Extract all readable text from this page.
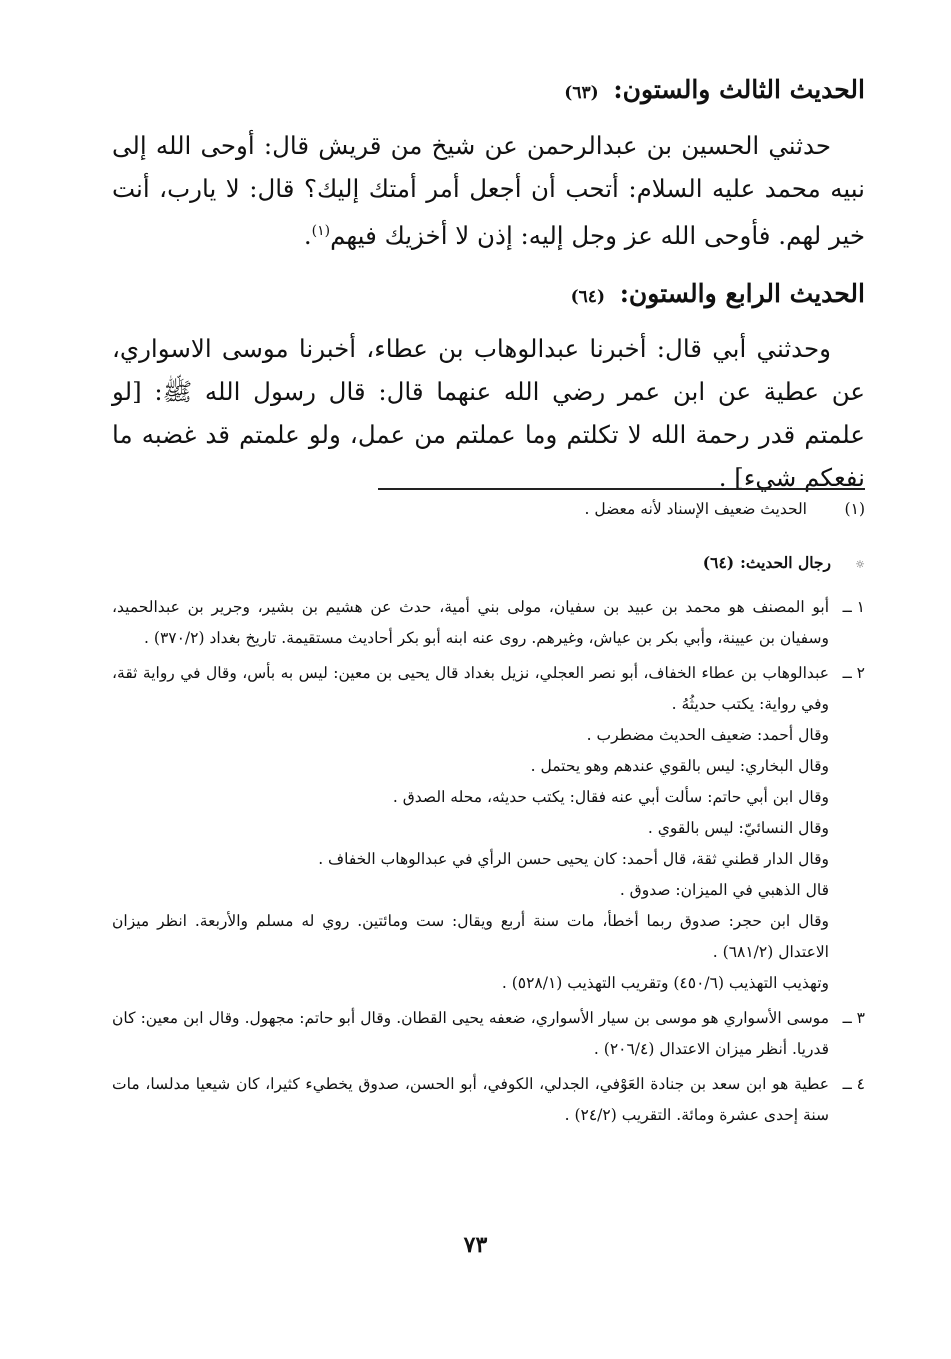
الحديث الثالث والستون: (٦٣)
حدثني الحسين بن عبدالرحمن عن شيخ من قريش قال: أوحى الله إلى نبيه محمد عليه السلام: أتحب أن أجعل أمر أمتك إليك؟ قال: لا يارب، أنت خير لهم. فأوحى الله عز وجل إليه: إذن لا أخزيك فيهم$^{(١)}$.
الحديث الرابع والستون: (٦٤)
وحدثني أبي قال: أخبرنا عبدالوهاب بن عطاء، أخبرنا موسى الاسواري، عن عطية عن ابن عمر رضي الله عنهما قال: قال رسول الله ﷺ: [لو علمتم قدر رحمة الله لا تكلتم وما عملتم من عمل، ولو علمتم قد غضبه ما نفعكم شيء] .
(١)
الحديث ضعيف الإسناد لأنه معضل .
☼
رجال الحديث:
(٦٤)
١ ــ

أبو المصنف هو محمد بن عبيد بن سفيان، مولى بني أمية، حدث عن هشيم بن بشير، وجرير بن عبدالحميد، وسفيان بن عيينة، وأبي بكر بن عياش، وغيرهم. روى عنه ابنه أبو بكر أحاديث مستقيمة. تاريخ بغداد (٣٧٠/٢) .

٢ ــ

عبدالوهاب بن عطاء الخفاف، أبو نصر العجلي، نزيل بغداد قال يحيى بن معين: ليس به بأس، وقال في رواية ثقة، وفي رواية: يكتب حديثُهُ .

وقال أحمد: ضعيف الحديث مضطرب .

وقال البخاري: ليس بالقوي عندهم وهو يحتمل .

وقال ابن أبي حاتم: سألت أبي عنه فقال: يكتب حديثه، محله الصدق .

وقال النسائيّ: ليس بالقوي .

وقال الدار قطني ثقة، قال أحمد: كان يحيى حسن الرأي في عبدالوهاب الخفاف .

قال الذهبي في الميزان: صدوق .

وقال ابن حجر: صدوق ربما أخطأ، مات سنة أربع ويقال: ست ومائتين. روي له مسلم والأربعة. انظر ميزان الاعتدال (٦٨١/٢) .

وتهذيب التهذيب (٤٥٠/٦) وتقريب التهذيب (٥٢٨/١) .

٣ ــ

موسى الأسواري هو موسى بن سيار الأسواري، ضعفه يحيى القطان. وقال أبو حاتم: مجهول. وقال ابن معين: كان قدريا. أنظر ميزان الاعتدال (٢٠٦/٤) .

٤ ــ

عطية هو ابن سعد بن جنادة العَوْفي، الجدلي، الكوفي، أبو الحسن، صدوق يخطيء كثيرا، كان شيعيا مدلسا، مات سنة إحدى عشرة ومائة. التقريب (٢٤/٢) .

٧٣
